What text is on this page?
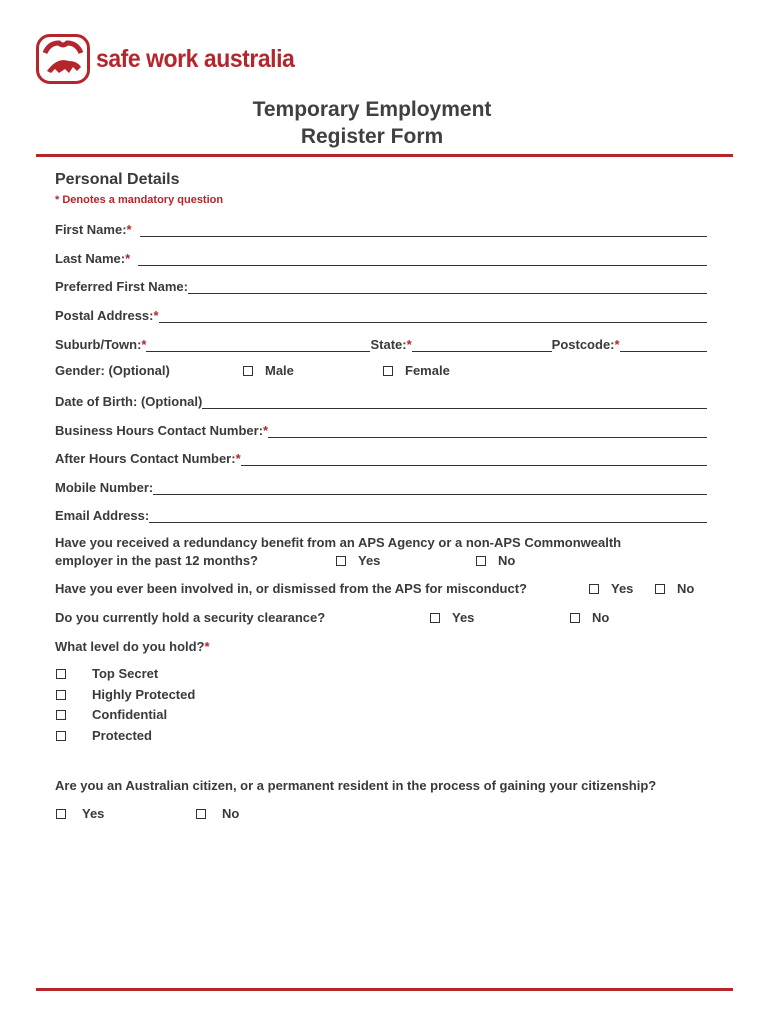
safe work australia
Temporary Employment
Register Form
Personal Details
* Denotes a mandatory question
First Name:*
Last Name:*
Preferred First Name:
Postal Address:*
Suburb/Town:*	State:*	Postcode:*
Gender: (Optional)	Male	Female
Date of Birth: (Optional)
Business Hours Contact Number:*
After Hours Contact Number:*
Mobile Number:
Email Address:
Have you received a redundancy benefit from an APS Agency or a non-APS Commonwealth
employer in the past 12 months?	Yes	No
Have you ever been involved in, or dismissed from the APS for misconduct?	Yes	No
Do you currently hold a security clearance?	Yes	No
What level do you hold?*
Top Secret
Highly Protected
Confidential
Protected
Are you an Australian citizen, or a permanent resident in the process of gaining your citizenship?
Yes	No
